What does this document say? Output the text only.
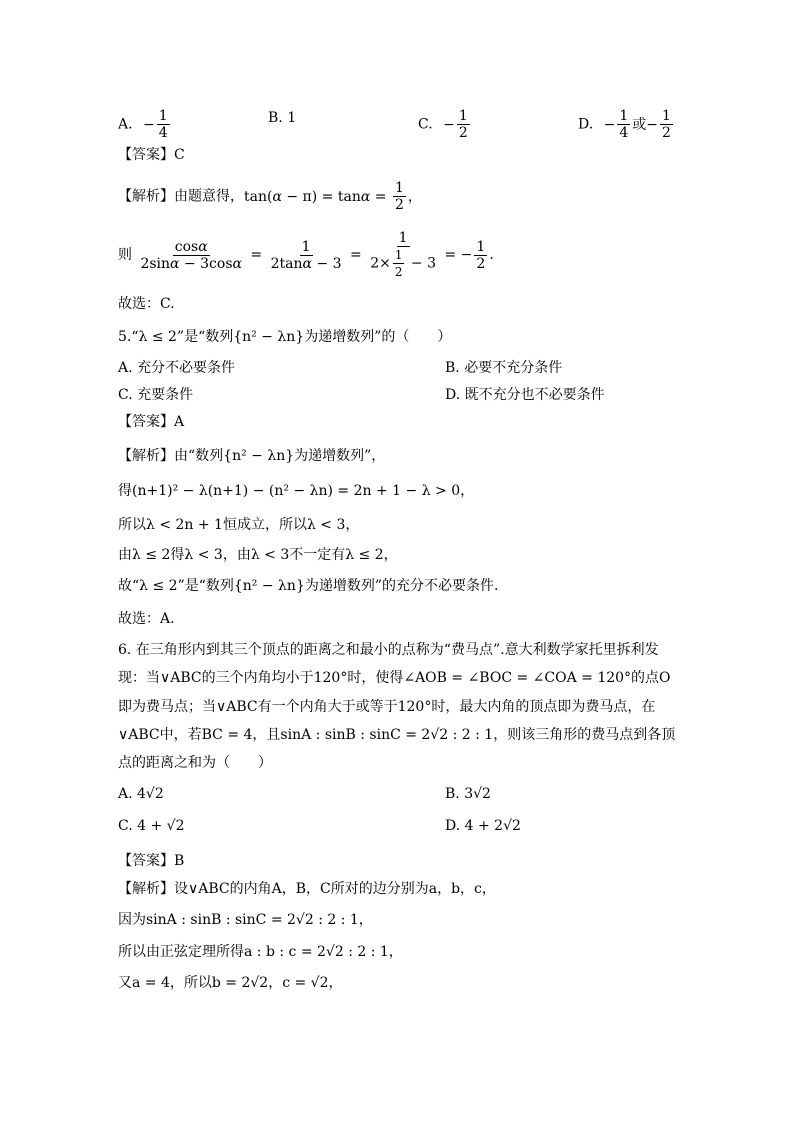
A. − $\frac{1}{4}$	B. 1	C. − $\frac{1}{2}$	D. − $\frac{1}{4}$ 或− $\frac{1}{2}$
【答案】C
【解析】由题意得，$\tan(\alpha - \pi) = \tan\alpha = \frac{1}{2}$ ，
则 $\frac{\cos\alpha}{2\sin\alpha - 3\cos\alpha} = \frac{1}{2\tan\alpha - 3} = \frac{1}{2\times \frac{1}{2} - 3}$ = − $\frac{1}{2}$ .
故选：C.
5.“λ ≤ 2”是“数列{n² − λn}为递增数列”的（　　）
A. 充分不必要条件	B. 必要不充分条件
C. 充要条件	D. 既不充分也不必要条件
【答案】A
【解析】由“数列{n² − λn}为递增数列”，
得(n+1)² − λ(n+1) − (n² − λn) = 2n + 1 − λ > 0，
所以λ < 2n + 1恒成立，所以λ < 3，
由λ ≤ 2得λ < 3，由λ < 3不一定有λ ≤ 2，
故“λ ≤ 2”是“数列{n² − λn}为递增数列”的充分不必要条件.
故选：A.
6. 在三角形内到其三个顶点的距离之和最小的点称为“费马点”.意大利数学家托里拆利发
现：当∨ABC的三个内角均小于120°时，使得∠AOB = ∠BOC = ∠COA = 120°的点O
即为费马点；当∨ABC有一个内角大于或等于120°时，最大内角的顶点即为费马点，在
∨ABC中，若BC = 4，且sinA : sinB : sinC = 2√2 : 2 : 1，则该三角形的费马点到各顶
点的距离之和为（　　）
A. 4√2	B. 3√2
C. 4 + √2	D. 4 + 2√2
【答案】B
【解析】设∨ABC的内角A，B，C所对的边分别为a，b，c，
因为sinA : sinB : sinC = 2√2 : 2 : 1，
所以由正弦定理所得a : b : c = 2√2 : 2 : 1，
又a = 4，所以b = 2√2，c = √2，
